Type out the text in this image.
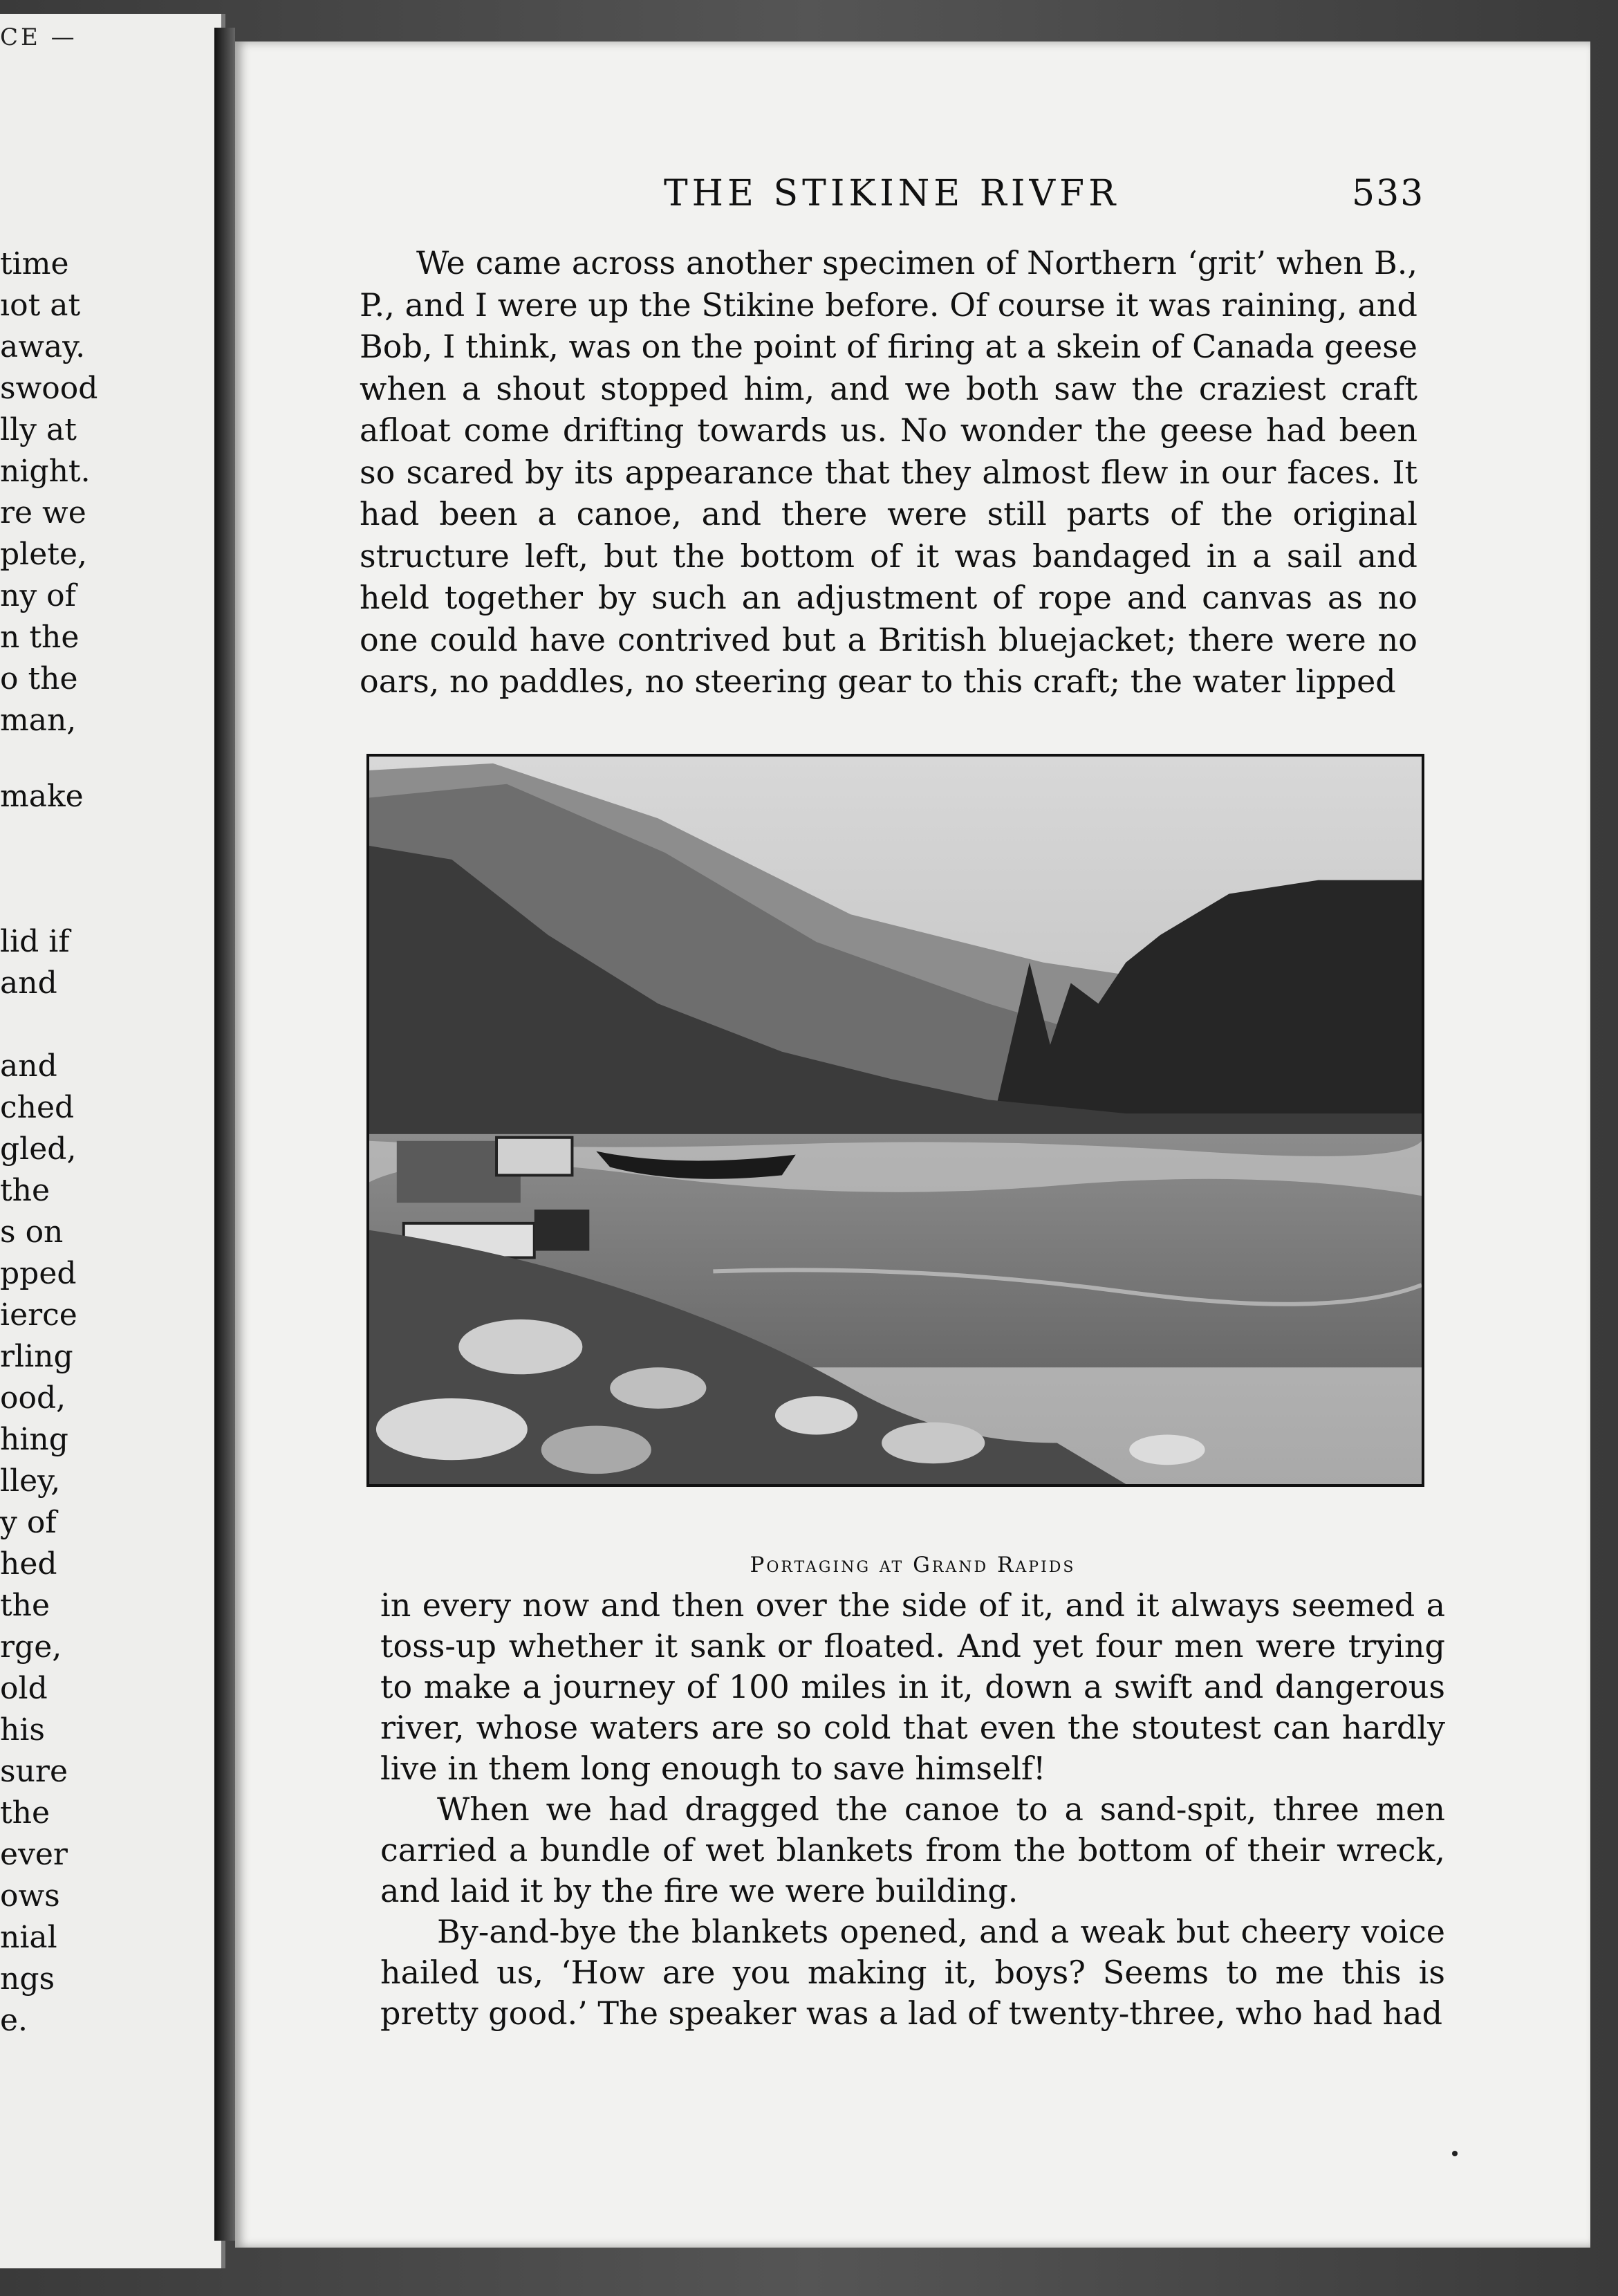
CE —
time
ıot at
away.
swood
lly at
night.
re we
plete,
ny of
n the
o the
man,
make
lid if
and
and
ched
gled,
the
s on
pped
ierce
rling
ood,
hing
lley,
y of
hed
the
rge,
old
his
sure
the
ever
ows
nial
ngs
e.
THE STIKINE RIVFR	533

We came across another specimen of Northern ‘grit’ when B., P., and I were up the Stikine before. Of course it was raining, and Bob, I think, was on the point of firing at a skein of Canada geese when a shout stopped him, and we both saw the craziest craft afloat come drifting towards us. No wonder the geese had been so scared by its appearance that they almost flew in our faces. It had been a canoe, and there were still parts of the original structure left, but the bottom of it was bandaged in a sail and held together by such an adjustment of rope and canvas as no one could have contrived but a British bluejacket; there were no oars, no paddles, no steering gear to this craft; the water lipped

Portaging at Grand Rapids

in every now and then over the side of it, and it always seemed a toss-up whether it sank or floated. And yet four men were trying to make a journey of 100 miles in it, down a swift and dangerous river, whose waters are so cold that even the stoutest can hardly live in them long enough to save himself!

When we had dragged the canoe to a sand-spit, three men carried a bundle of wet blankets from the bottom of their wreck, and laid it by the fire we were building.

By-and-bye the blankets opened, and a weak but cheery voice hailed us, ‘How are you making it, boys? Seems to me this is pretty good.’ The speaker was a lad of twenty-three, who had had
